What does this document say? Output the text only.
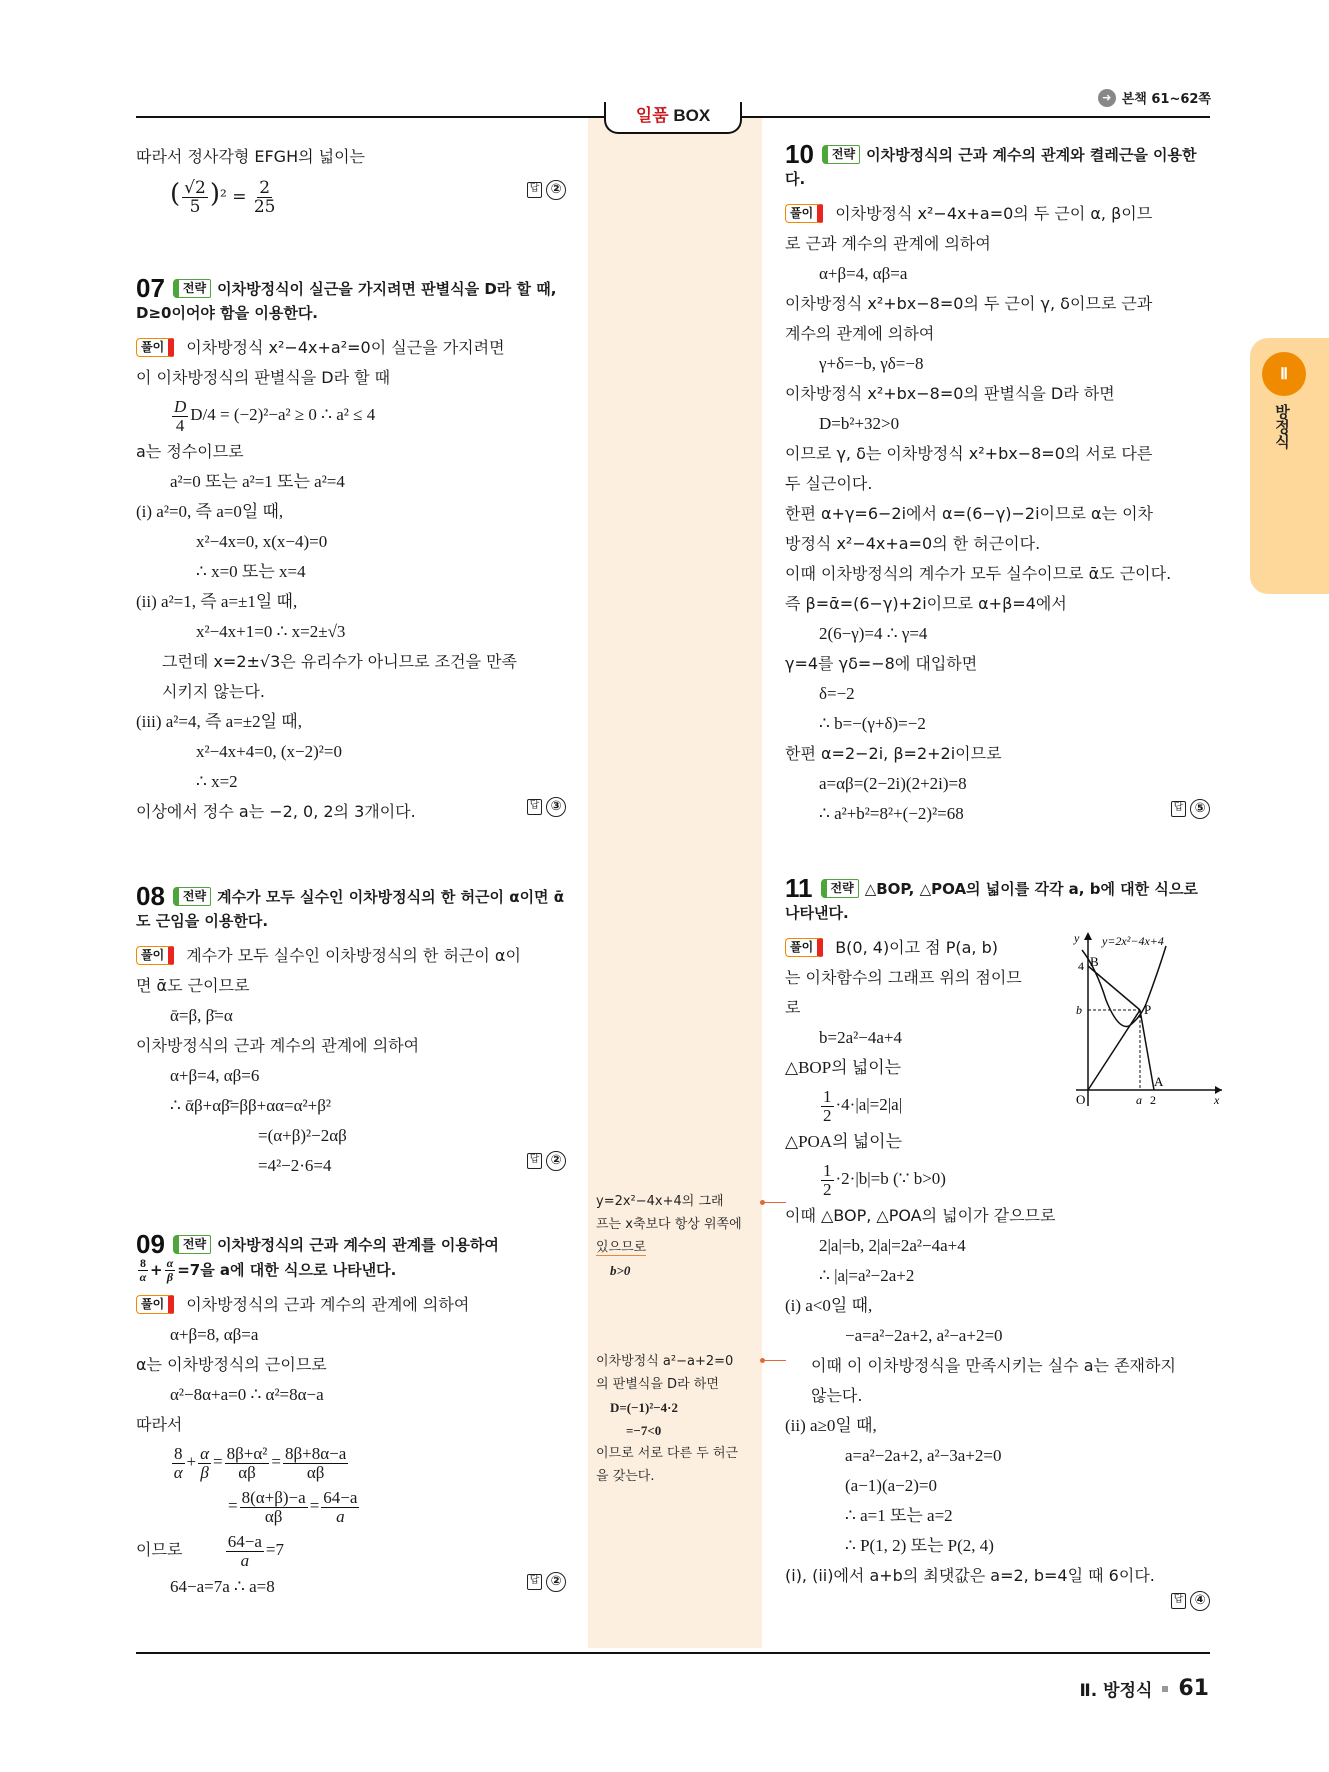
일품 BOX
➜ 본책 61~62쪽
Ⅱ
방정식
따라서 정사각형 EFGH의 넓이는
( $\frac{√2}{5} )^2 = \frac{2}{25}$	답 ②
07 전략 이차방정식이 실근을 가지려면 판별식을 D라 할 때, D≥0이어야 함을 이용한다.
풀이 이차방정식 x²−4x+a²=0이 실근을 가지려면
이 이차방정식의 판별식을 D라 할 때
$\frac{D}{4} D/4 = (-2)^2-a^2 \ge 0$ ∴ a² ≤ 4
a는 정수이므로
a²=0 또는 a²=1 또는 a²=4
(i) a²=0, 즉 a=0일 때,
x²−4x=0, x(x−4)=0
∴ x=0 또는 x=4
(ii) a²=1, 즉 a=±1일 때,
x²−4x+1=0 ∴ x=2±√3
그런데 x=2±√3은 유리수가 아니므로 조건을 만족
시키지 않는다.
(iii) a²=4, 즉 a=±2일 때,
x²−4x+4=0, (x−2)²=0
∴ x=2
이상에서 정수 a는 −2, 0, 2의 3개이다.	답 ③
08 전략 계수가 모두 실수인 이차방정식의 한 허근이 α이면 ᾱ도 근임을 이용한다.
풀이 계수가 모두 실수인 이차방정식의 한 허근이 α이
면 ᾱ도 근이므로
ᾱ=β, β̄=α
이차방정식의 근과 계수의 관계에 의하여
α+β=4, αβ=6
∴ ᾱβ+αβ̄=ββ+αα=α²+β²
=(α+β)²−2αβ
=4²−2·6=4	답 ②
09 전략 이차방정식의 근과 계수의 관계를 이용하여
$\frac{8}{\alpha} + \frac{\alpha}{\beta} =7$을 a에 대한 식으로 나타낸다.
풀이 이차방정식의 근과 계수의 관계에 의하여
α+β=8, αβ=a
α는 이차방정식의 근이므로
α²−8α+a=0 ∴ α²=8α−a
따라서
$\frac{8}{\alpha} + \frac{\alpha}{\beta} = \frac{\text{8β+α²}}{\alpha\beta} = \frac{8\beta+8\alpha-a}{\alpha\beta}$
= $\frac{8(\alpha+\beta)-a}{\alpha\beta} = \frac{64-a}{a}$
이므로	$\frac{64-a}{a} =7$
64−a=7a ∴ a=8	답 ②
10 전략 이차방정식의 근과 계수의 관계와 켤레근을 이용한다.
풀이 이차방정식 x²−4x+a=0의 두 근이 α, β이므
로 근과 계수의 관계에 의하여
α+β=4, αβ=a
이차방정식 x²+bx−8=0의 두 근이 γ, δ이므로 근과
계수의 관계에 의하여
γ+δ=−b, γδ=−8
이차방정식 x²+bx−8=0의 판별식을 D라 하면
D=b²+32>0
이므로 γ, δ는 이차방정식 x²+bx−8=0의 서로 다른
두 실근이다.
한편 α+γ=6−2i에서 α=(6−γ)−2i이므로 α는 이차
방정식 x²−4x+a=0의 한 허근이다.
이때 이차방정식의 계수가 모두 실수이므로 ᾱ도 근이다.
즉 β=ᾱ=(6−γ)+2i이므로 α+β=4에서
2(6−γ)=4 ∴ γ=4
γ=4를 γδ=−8에 대입하면
δ=−2
∴ b=−(γ+δ)=−2
한편 α=2−2i, β=2+2i이므로
a=αβ=(2−2i)(2+2i)=8
∴ a²+b²=8²+(−2)²=68	답 ⑤
11 전략 △BOP, △POA의 넓이를 각각 a, b에 대한 식으로 나타낸다.
풀이 B(0, 4)이고 점 P(a, b)
는 이차함수의 그래프 위의 점이므
로
b=2a²−4a+4
△BOP의 넓이는
$\frac{1}{2} \cdot 4\cdot|a|=2|a|$
△POA의 넓이는
$\frac{1}{2} \cdot 2\cdot|b|=b$ (∵ b>0)
이때 △BOP, △POA의 넓이가 같으므로
2|a|=b, 2|a|=2a²−4a+4
∴ |a|=a²−2a+2
(i) a<0일 때,
−a=a²−2a+2, a²−a+2=0
이때 이 이차방정식을 만족시키는 실수 a는 존재하지
않는다.
(ii) a≥0일 때,
a=a²−2a+2, a²−3a+2=0
(a−1)(a−2)=0
∴ a=1 또는 a=2
∴ P(1, 2) 또는 P(2, 4)
(i), (ii)에서 a+b의 최댓값은 a=2, b=4일 때 6이다.
답 ④
y y=2x²−4x+4
B
4
b	P
A
O	a 2	x
y=2x²−4x+4의 그래
프는 x축보다 항상 위쪽에
있으므로
b>0
이차방정식 a²−a+2=0
의 판별식을 D라 하면
D=(−1)²−4·2
=−7<0
이므로 서로 다른 두 허근
을 갖는다.
Ⅱ. 방정식 61
